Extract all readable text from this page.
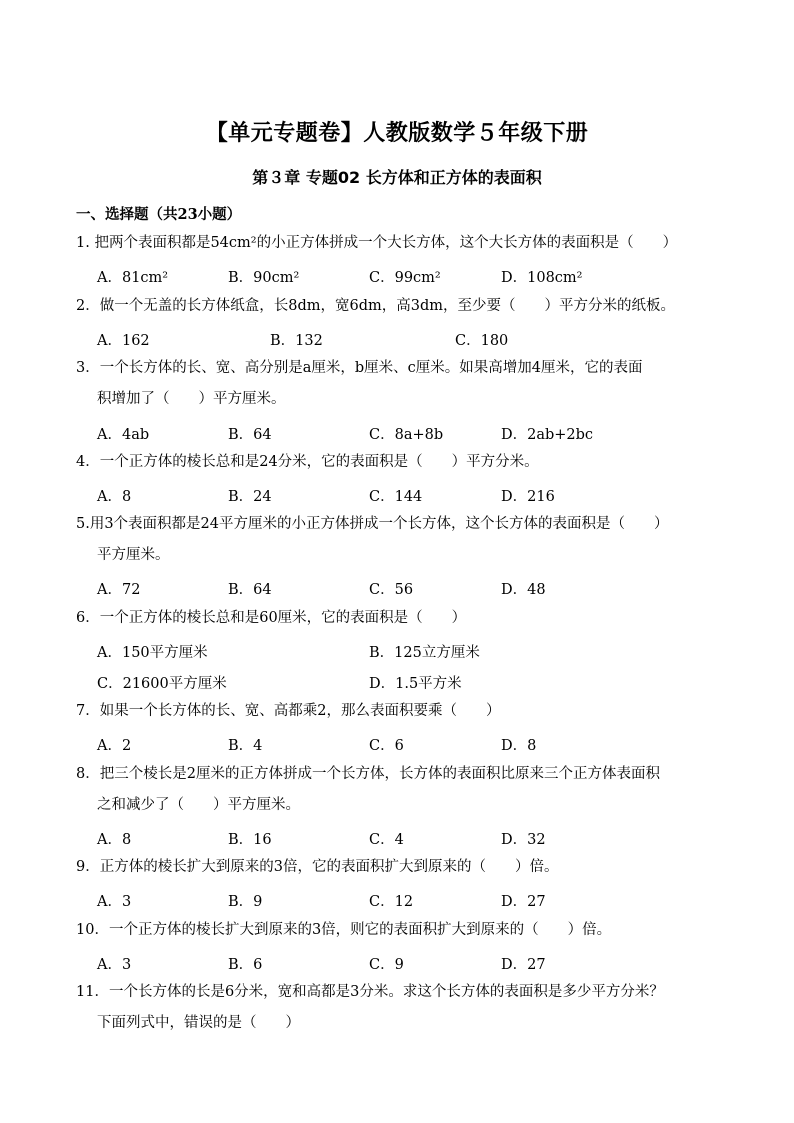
【单元专题卷】人教版数学５年级下册
第３章 专题02 长方体和正方体的表面积
一、选择题（共23小题）
1. 把两个表面积都是54cm²的小正方体拼成一个大长方体，这个大长方体的表面积是（　　）
A．81cm²	B．90cm²	C．99cm²	D．108cm²
2．做一个无盖的长方体纸盒，长8dm，宽6dm，高3dm，至少要（　　）平方分米的纸板。
A．162	B．132	C．180
3．一个长方体的长、宽、高分别是a厘米，b厘米、c厘米。如果高增加4厘米，它的表面
积增加了（　　）平方厘米。
A．4ab	B．64	C．8a+8b	D．2ab+2bc
4．一个正方体的棱长总和是24分米，它的表面积是（　　）平方分米。
A．8	B．24	C．144	D．216
5.用3个表面积都是24平方厘米的小正方体拼成一个长方体，这个长方体的表面积是（　　）
平方厘米。
A．72	B．64	C．56	D．48
6．一个正方体的棱长总和是60厘米，它的表面积是（　　）
A．150平方厘米	B．125立方厘米
C．21600平方厘米	D．1.5平方米
7．如果一个长方体的长、宽、高都乘2，那么表面积要乘（　　）
A．2	B．4	C．6	D．8
8．把三个棱长是2厘米的正方体拼成一个长方体，长方体的表面积比原来三个正方体表面积
之和减少了（　　）平方厘米。
A．8	B．16	C．4	D．32
9．正方体的棱长扩大到原来的3倍，它的表面积扩大到原来的（　　）倍。
A．3	B．9	C．12	D．27
10．一个正方体的棱长扩大到原来的3倍，则它的表面积扩大到原来的（　　）倍。
A．3	B．6	C．9	D．27
11．一个长方体的长是6分米，宽和高都是3分米。求这个长方体的表面积是多少平方分米？
下面列式中，错误的是（　　）
